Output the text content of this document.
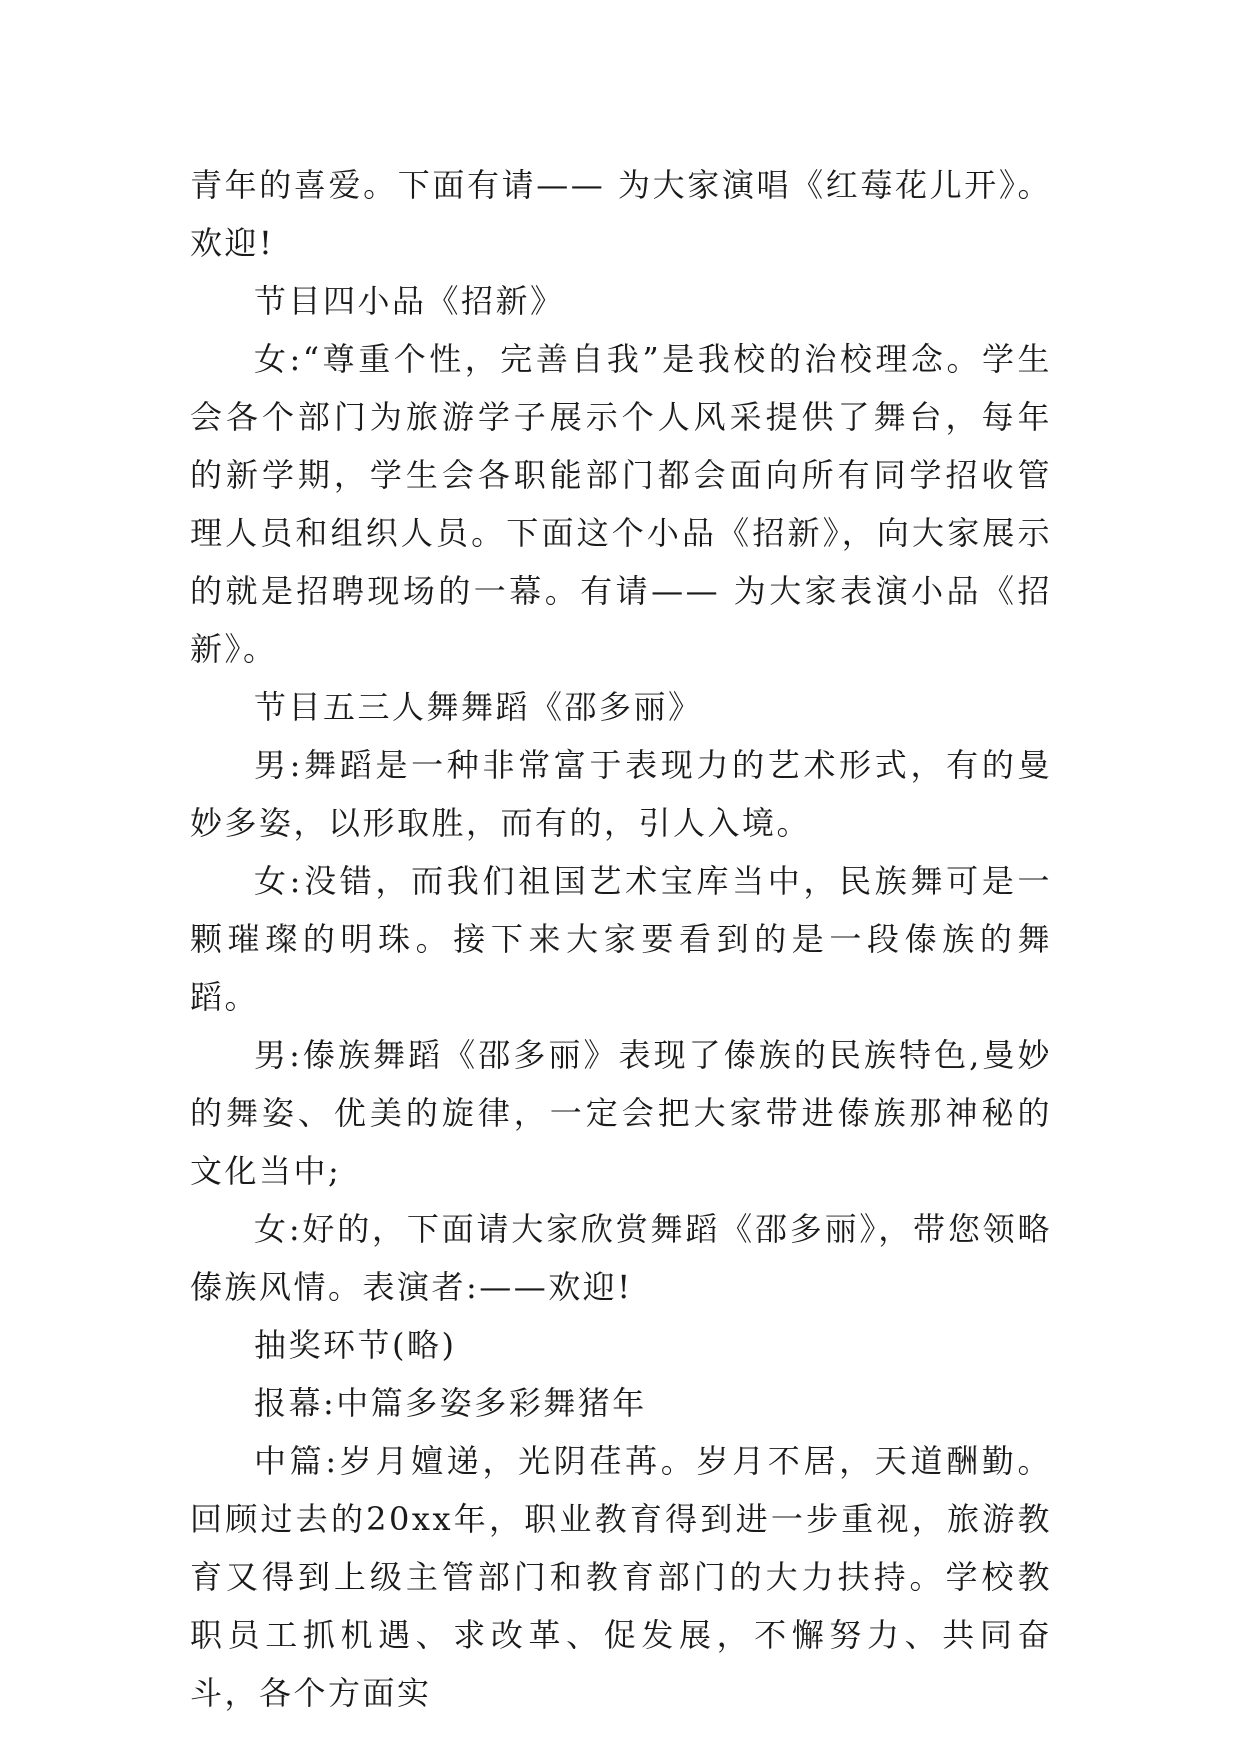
青年的喜爱。下面有请—— 为大家演唱《红莓花儿开》。欢迎!

节目四小品《招新》

女:“尊重个性，完善自我”是我校的治校理念。学生会各个部门为旅游学子展示个人风采提供了舞台，每年的新学期，学生会各职能部门都会面向所有同学招收管理人员和组织人员。下面这个小品《招新》，向大家展示的就是招聘现场的一幕。有请—— 为大家表演小品《招新》。

节目五三人舞舞蹈《邵多丽》

男:舞蹈是一种非常富于表现力的艺术形式，有的曼妙多姿，以形取胜，而有的，引人入境。

女:没错，而我们祖国艺术宝库当中，民族舞可是一颗璀璨的明珠。接下来大家要看到的是一段傣族的舞蹈。

男:傣族舞蹈《邵多丽》表现了傣族的民族特色,曼妙的舞姿、优美的旋律，一定会把大家带进傣族那神秘的文化当中;

女:好的，下面请大家欣赏舞蹈《邵多丽》，带您领略傣族风情。表演者:——欢迎!

抽奖环节(略)

报幕:中篇多姿多彩舞猪年

中篇:岁月嬗递，光阴荏苒。岁月不居，天道酬勤。回顾过去的20xx年，职业教育得到进一步重视，旅游教育又得到上级主管部门和教育部门的大力扶持。学校教职员工抓机遇、求改革、促发展，不懈努力、共同奋斗，各个方面实
